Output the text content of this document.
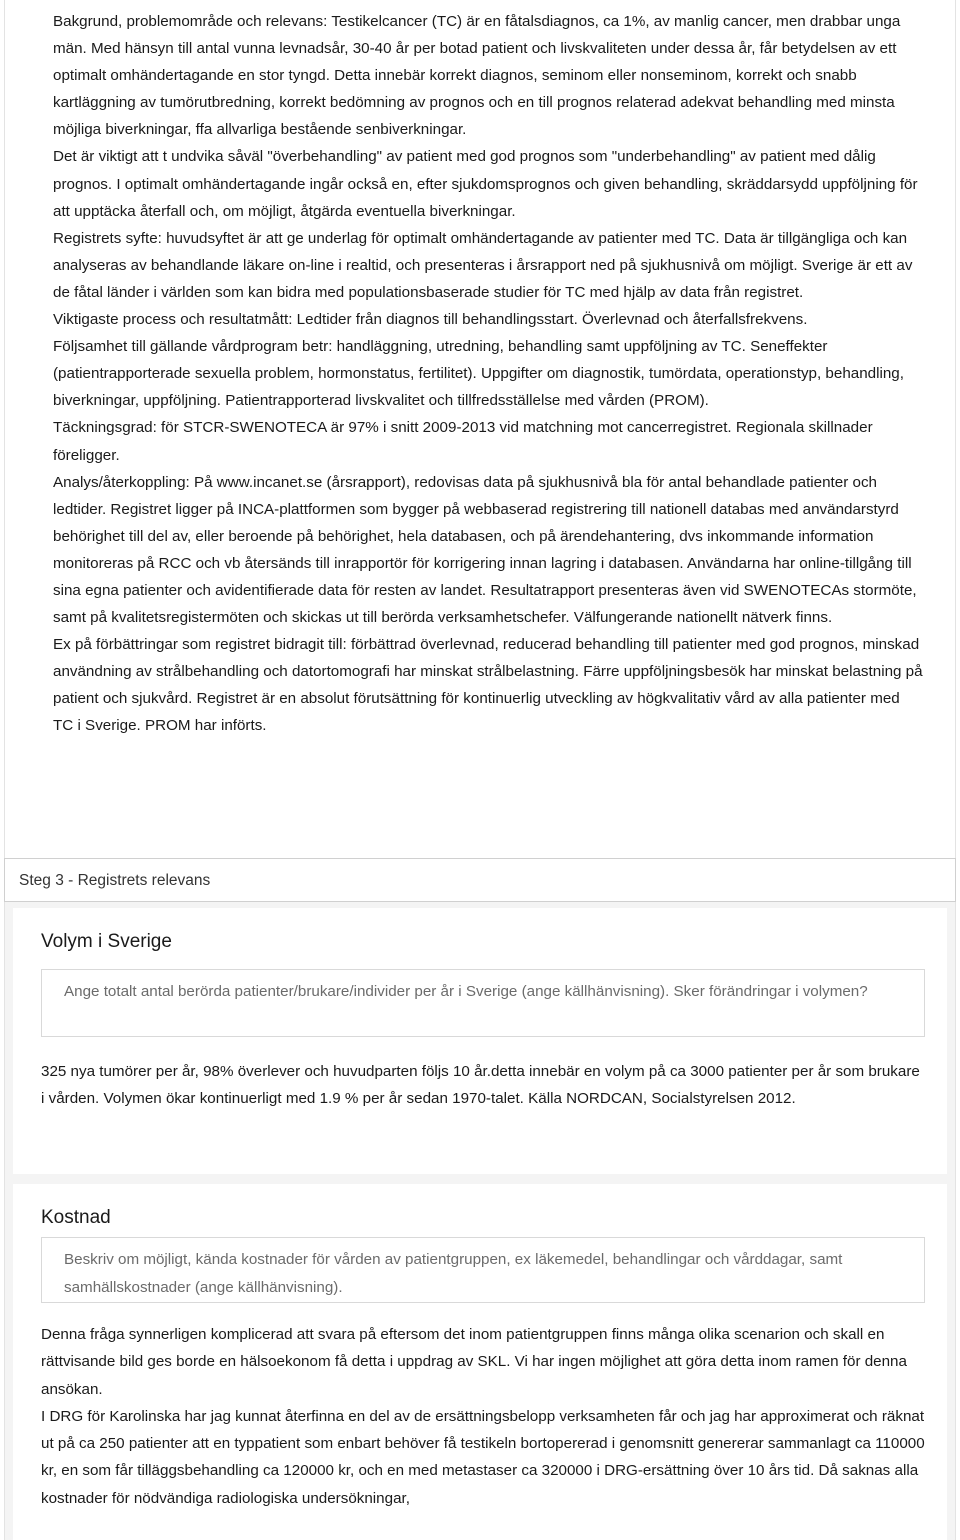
Bakgrund, problemområde och relevans: Testikelcancer (TC) är en fåtalsdiagnos, ca 1%, av manlig cancer, men drabbar unga män. Med hänsyn till antal vunna levnadsår, 30-40 år per botad patient och livskvaliteten under dessa år, får betydelsen av ett optimalt omhändertagande en stor tyngd. Detta innebär korrekt diagnos, seminom eller nonseminom, korrekt och snabb kartläggning av tumörutbredning, korrekt bedömning av prognos och en till prognos relaterad adekvat behandling med minsta möjliga biverkningar, ffa allvarliga bestående senbiverkningar.

Det är viktigt att t undvika såväl "överbehandling" av patient med god prognos som "underbehandling" av patient med dålig prognos. I optimalt omhändertagande ingår också en, efter sjukdomsprognos och given behandling, skräddarsydd uppföljning för att upptäcka återfall och, om möjligt, åtgärda eventuella biverkningar.

Registrets syfte: huvudsyftet är att ge underlag för optimalt omhändertagande av patienter med TC. Data är tillgängliga och kan analyseras av behandlande läkare on-line i realtid, och presenteras i årsrapport ned på sjukhusnivå om möjligt. Sverige är ett av de fåtal länder i världen som kan bidra med populationsbaserade studier för TC med hjälp av data från registret.

Viktigaste process och resultatmått: Ledtider från diagnos till behandlingsstart. Överlevnad och återfallsfrekvens.

Följsamhet till gällande vårdprogram betr: handläggning, utredning, behandling samt uppföljning av TC. Seneffekter (patientrapporterade sexuella problem, hormonstatus, fertilitet). Uppgifter om diagnostik, tumördata, operationstyp, behandling, biverkningar, uppföljning. Patientrapporterad livskvalitet och tillfredsställelse med vården (PROM).

Täckningsgrad: för STCR-SWENOTECA är 97% i snitt 2009-2013 vid matchning mot cancerregistret. Regionala skillnader föreligger.

Analys/återkoppling: På www.incanet.se (årsrapport), redovisas data på sjukhusnivå bla för antal behandlade patienter och ledtider. Registret ligger på INCA-plattformen som bygger på webbaserad registrering till nationell databas med användarstyrd behörighet till del av, eller beroende på behörighet, hela databasen, och på ärendehantering, dvs inkommande information monitoreras på RCC och vb återsänds till inrapportör för korrigering innan lagring i databasen. Användarna har online-tillgång till sina egna patienter och avidentifierade data för resten av landet. Resultatrapport presenteras även vid SWENOTECAs stormöte, samt på kvalitetsregistermöten och skickas ut till berörda verksamhetschefer. Välfungerande nationellt nätverk finns.

Ex på förbättringar som registret bidragit till: förbättrad överlevnad, reducerad behandling till patienter med god prognos, minskad användning av strålbehandling och datortomografi har minskat strålbelastning. Färre uppföljningsbesök har minskat belastning på patient och sjukvård. Registret är en absolut förutsättning för kontinuerlig utveckling av högkvalitativ vård av alla patienter med TC i Sverige. PROM har införts.

Steg 3 - Registrets relevans
Volym i Sverige
Ange totalt antal berörda patienter/brukare/individer per år i Sverige (ange källhänvisning). Sker förändringar i volymen?

325 nya tumörer per år, 98% överlever och huvudparten följs 10 år.detta innebär en volym på ca 3000 patienter per år som brukare i vården. Volymen ökar kontinuerligt med 1.9 % per år sedan 1970-talet. Källa NORDCAN, Socialstyrelsen 2012.

Kostnad
Beskriv om möjligt, kända kostnader för vården av patientgruppen, ex läkemedel, behandlingar och vårddagar, samt samhällskostnader (ange källhänvisning).

Denna fråga synnerligen komplicerad att svara på eftersom det inom patientgruppen finns många olika scenarion och skall en rättvisande bild ges borde en hälsoekonom få detta i uppdrag av SKL. Vi har ingen möjlighet att göra detta inom ramen för denna ansökan.

I DRG för Karolinska har jag kunnat återfinna en del av de ersättningsbelopp verksamheten får och jag har approximerat och räknat ut på ca 250 patienter att en typpatient som enbart behöver få testikeln bortopererad i genomsnitt genererar sammanlagt ca 110000 kr, en som får tilläggsbehandling ca 120000 kr, och en med metastaser ca 320000 i DRG-ersättning över 10 års tid. Då saknas alla kostnader för nödvändiga radiologiska undersökningar,
